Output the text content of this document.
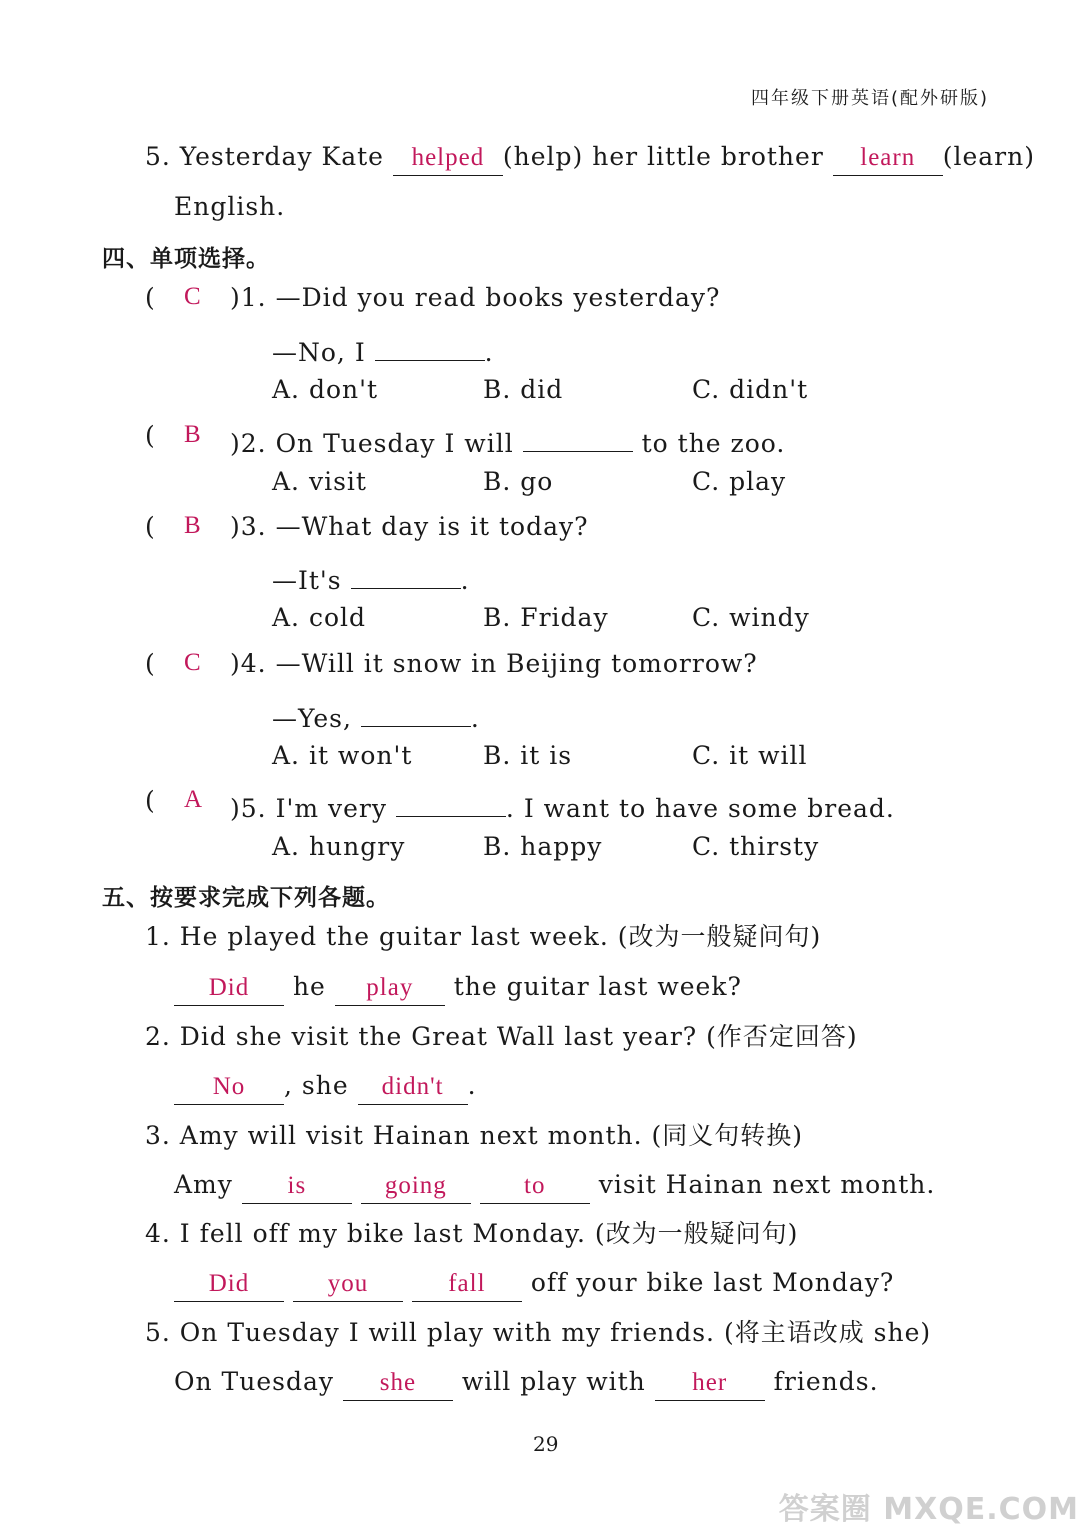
四年级下册英语(配外研版)
5. Yesterday Kate helped (help) her little brother learn (learn)
English.
四、单项选择。
( C )1. —Did you read books yesterday?
—No, I	.
A. don't	B. did	C. didn't
( B )2. On Tuesday I will	to the zoo.
A. visit	B. go	C. play
( B )3. —What day is it today?
—It's	.
A. cold	B. Friday	C. windy
( C )4. —Will it snow in Beijing tomorrow?
—Yes,	.
A. it won't	B. it is	C. it will
( A )5. I'm very	. I want to have some bread.
A. hungry	B. happy	C. thirsty
五、按要求完成下列各题。
1. He played the guitar last week. (改为一般疑问句)
Did he play the guitar last week?
2. Did she visit the Great Wall last year? (作否定回答)
No , she didn't .
3. Amy will visit Hainan next month. (同义句转换)
Amy is	going	to visit Hainan next month.
4. I fell off my bike last Monday. (改为一般疑问句)
Did	you	fall off your bike last Monday?
5. On Tuesday I will play with my friends. (将主语改成 she)
On Tuesday she will play with her friends.
29
答案圈 MXQE.COM
